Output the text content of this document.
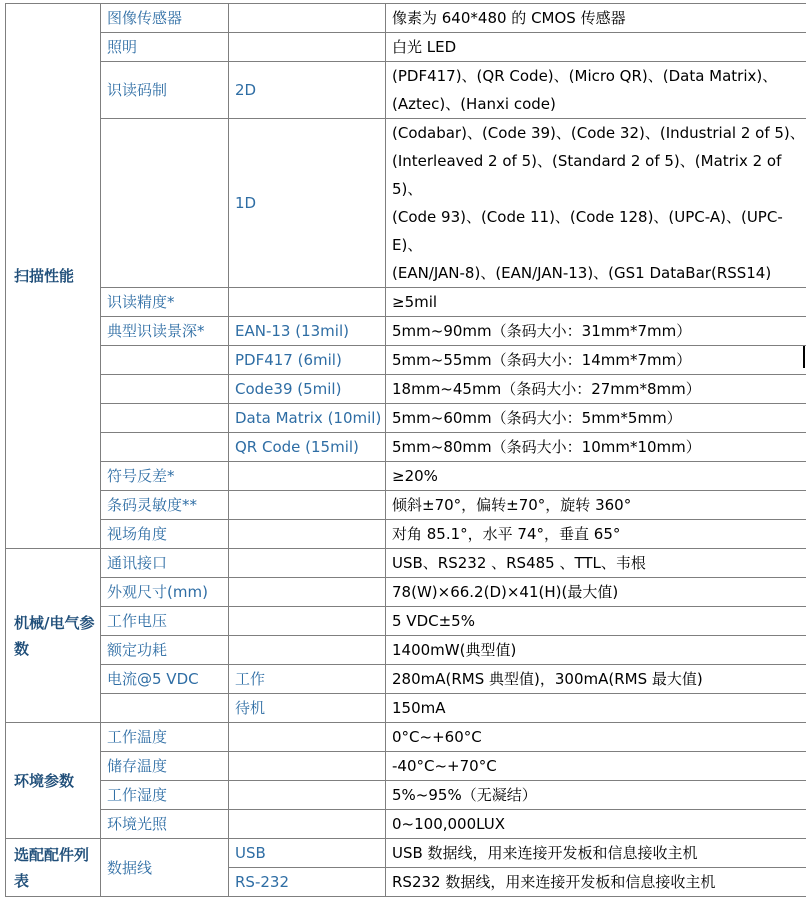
扫描性能	图像传感器		像素为 640*480 的 CMOS 传感器
	照明		白光 LED
	识读码制	2D	(PDF417)、(QR Code)、(Micro QR)、(Data Matrix)、
(Aztec)、(Hanxi code)

		1D	(Codabar)、(Code 39)、(Code 32)、(Industrial 2 of 5)、
(Interleaved 2 of 5)、(Standard 2 of 5)、(Matrix 2 of 5)、
(Code 93)、(Code 11)、(Code 128)、(UPC-A)、(UPC-E)、
(EAN/JAN-8)、(EAN/JAN-13)、(GS1 DataBar(RSS14)

	识读精度*		≥5mil
	典型识读景深*	EAN-13 (13mil)	5mm~90mm（条码大小：31mm*7mm）
		PDF417 (6mil)	5mm~55mm（条码大小：14mm*7mm）
		Code39 (5mil)	18mm~45mm（条码大小：27mm*8mm）
		Data Matrix (10mil)	5mm~60mm（条码大小：5mm*5mm）
		QR Code (15mil)	5mm~80mm（条码大小：10mm*10mm）
	符号反差*		≥20%
	条码灵敏度**		倾斜±70°，偏转±70°，旋转 360°
	视场角度		对角 85.1°，水平 74°，垂直 65°
机械/电气参数	通讯接口		USB、RS232 、RS485 、TTL、韦根
	外观尺寸(mm)		78(W)×66.2(D)×41(H)(最大值)
	工作电压		5 VDC±5%
	额定功耗		1400mW(典型值)
	电流@5 VDC	工作	280mA(RMS 典型值)，300mA(RMS 最大值)
		待机	150mA
环境参数	工作温度		0°C~+60°C
	储存温度		-40°C~+70°C
	工作湿度		5%~95%（无凝结）
	环境光照		0~100,000LUX
选配配件列表	数据线	USB	USB 数据线，用来连接开发板和信息接收主机
		RS-232	RS232 数据线，用来连接开发板和信息接收主机
